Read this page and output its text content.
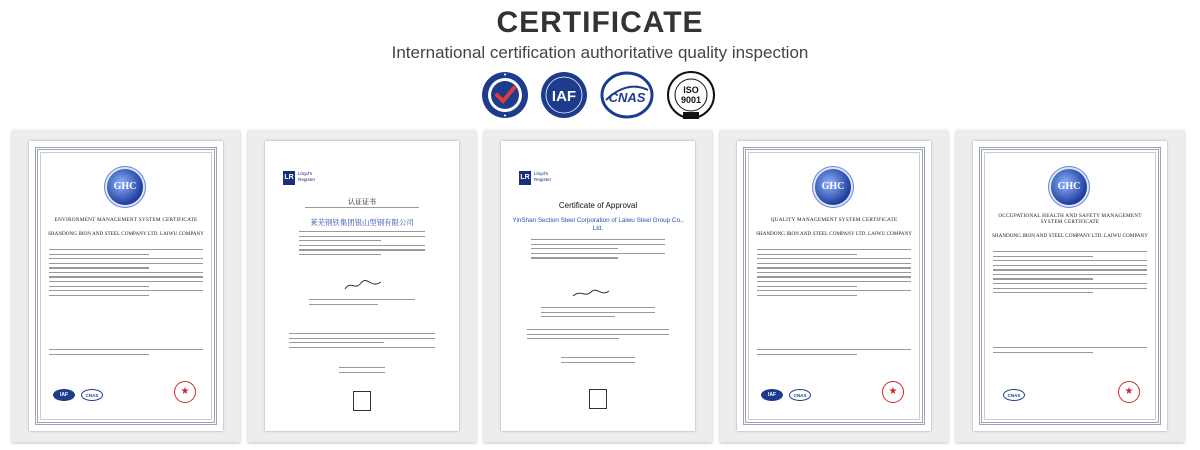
CERTIFICATE
International certification authoritative quality inspection
IAF CNAS	ISO
9001
GHC
ENVIRONMENT MANAGEMENT SYSTEM CERTIFICATE
SHANDONG IRON AND STEEL COMPANY LTD. LAIWU COMPANY
IAF	CNAS	★
LR
Lloyd's
Register
认证证书
莱芜钢铁集团银山型钢有限公司
LR
Lloyd's
Register
Certificate of Approval
YinShan Section Steel Corporation of Laiwu Steel Group Co., Ltd.
GHC
QUALITY MANAGEMENT SYSTEM CERTIFICATE
SHANDONG IRON AND STEEL COMPANY LTD. LAIWU COMPANY
IAF	CNAS	★
GHC
OCCUPATIONAL HEALTH AND SAFETY MANAGEMENT SYSTEM CERTIFICATE
SHANDONG IRON AND STEEL COMPANY LTD. LAIWU COMPANY
CNAS	★
